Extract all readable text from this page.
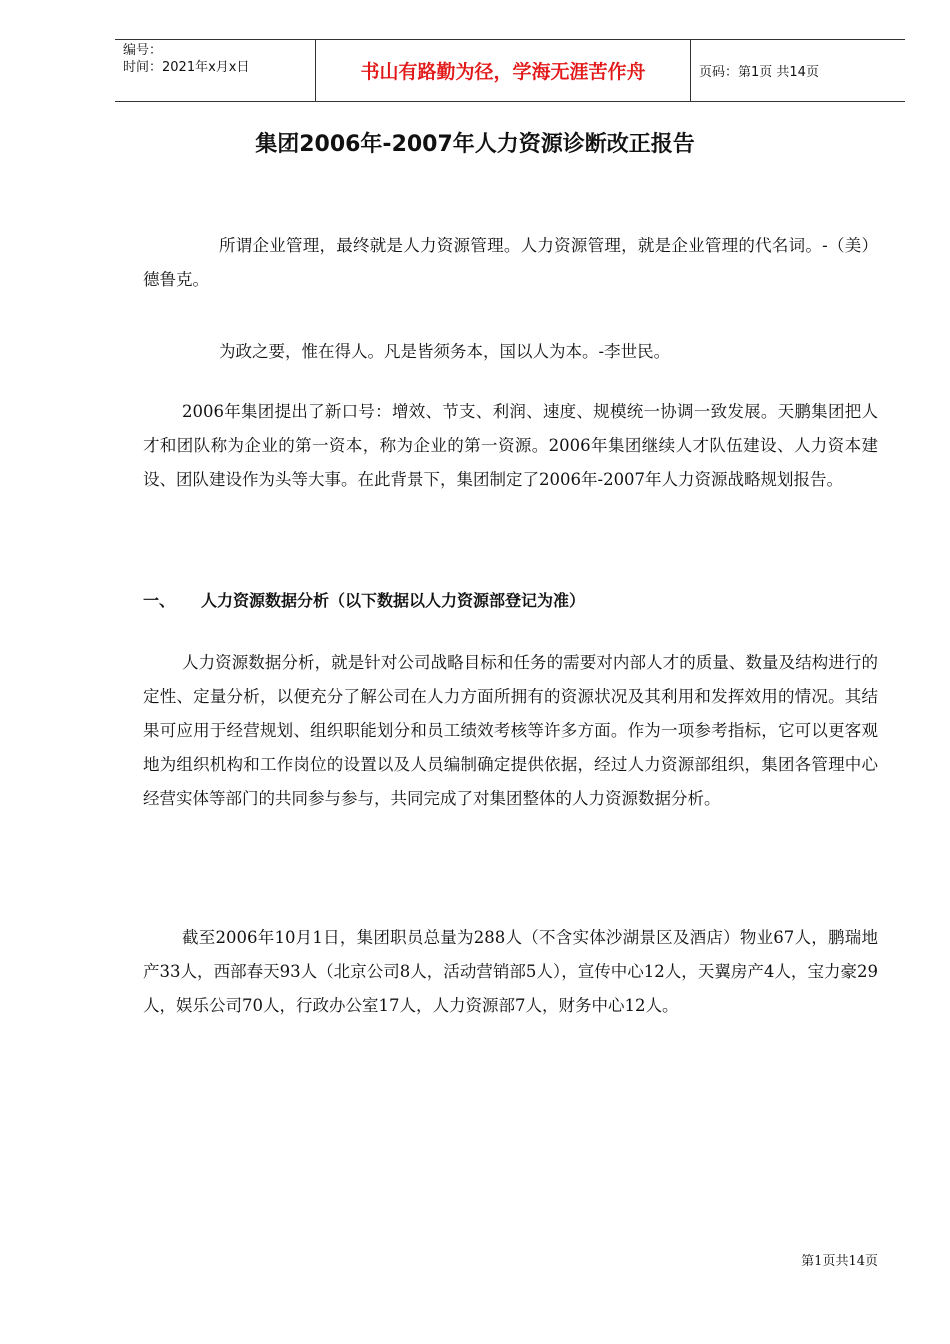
编号：
时间：2021年x月x日	书山有路勤为径，学海无涯苦作舟	页码：第1页 共14页
集团2006年-2007年人力资源诊断改正报告

所谓企业管理，最终就是人力资源管理。人力资源管理，就是企业管理的代名词。-（美）德鲁克。

为政之要，惟在得人。凡是皆须务本，国以人为本。-李世民。

2006年集团提出了新口号：增效、节支、利润、速度、规模统一协调一致发展。天鹏集团把人才和团队称为企业的第一资本，称为企业的第一资源。2006年集团继续人才队伍建设、人力资本建设、团队建设作为头等大事。在此背景下，集团制定了2006年-2007年人力资源战略规划报告。

一、 人力资源数据分析（以下数据以人力资源部登记为准）

人力资源数据分析，就是针对公司战略目标和任务的需要对内部人才的质量、数量及结构进行的定性、定量分析，以便充分了解公司在人力方面所拥有的资源状况及其利用和发挥效用的情况。其结果可应用于经营规划、组织职能划分和员工绩效考核等许多方面。作为一项参考指标，它可以更客观地为组织机构和工作岗位的设置以及人员编制确定提供依据，经过人力资源部组织，集团各管理中心经营实体等部门的共同参与参与，共同完成了对集团整体的人力资源数据分析。

截至2006年10月1日，集团职员总量为288人（不含实体沙湖景区及酒店）物业67人，鹏瑞地产33人，西部春天93人（北京公司8人，活动营销部5人），宣传中心12人，天翼房产4人，宝力豪29人，娱乐公司70人，行政办公室17人，人力资源部7人，财务中心12人。

第1页共14页
